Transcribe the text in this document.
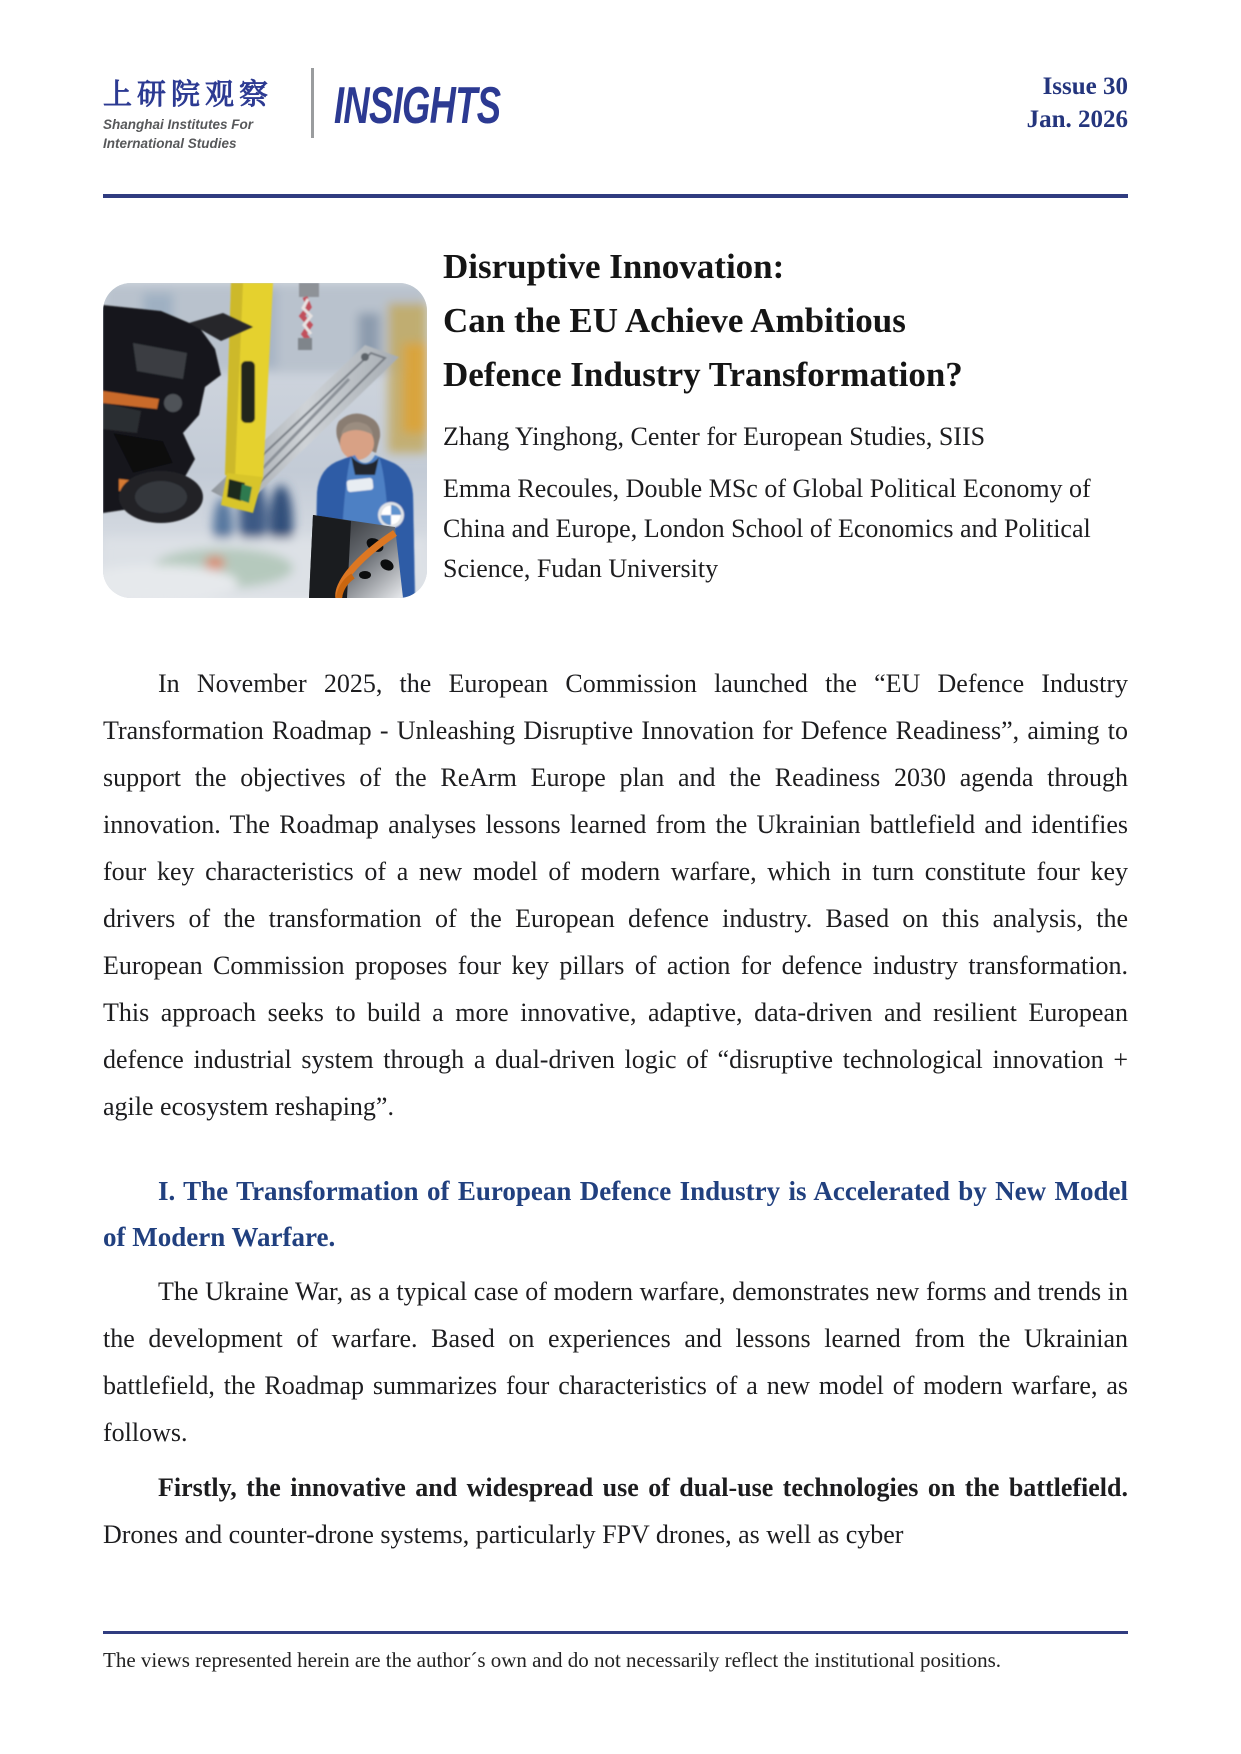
上研院观察
Shanghai Institutes For
International Studies
INSIGHTS	Issue 30
Jan. 2026
Disruptive Innovation:
Can the EU Achieve Ambitious
Defence Industry Transformation?
Zhang Yinghong, Center for European Studies, SIIS
Emma Recoules, Double MSc of Global Political Economy of China and Europe, London School of Economics and Political Science, Fudan University

In November 2025, the European Commission launched the “EU Defence Industry Transformation Roadmap - Unleashing Disruptive Innovation for Defence Readiness”, aiming to support the objectives of the ReArm Europe plan and the Readiness 2030 agenda through innovation. The Roadmap analyses lessons learned from the Ukrainian battlefield and identifies four key characteristics of a new model of modern warfare, which in turn constitute four key drivers of the transformation of the European defence industry. Based on this analysis, the European Commission proposes four key pillars of action for defence industry transformation. This approach seeks to build a more innovative, adaptive, data-driven and resilient European defence industrial system through a dual-driven logic of “disruptive technological innovation + agile ecosystem reshaping”.

I. The Transformation of European Defence Industry is Accelerated by New Model of Modern Warfare.

The Ukraine War, as a typical case of modern warfare, demonstrates new forms and trends in the development of warfare. Based on experiences and lessons learned from the Ukrainian battlefield, the Roadmap summarizes four characteristics of a new model of modern warfare, as follows.

Firstly, the innovative and widespread use of dual-use technologies on the battlefield. Drones and counter-drone systems, particularly FPV drones, as well as cyber

The views represented herein are the author´s own and do not necessarily reflect the institutional positions.
